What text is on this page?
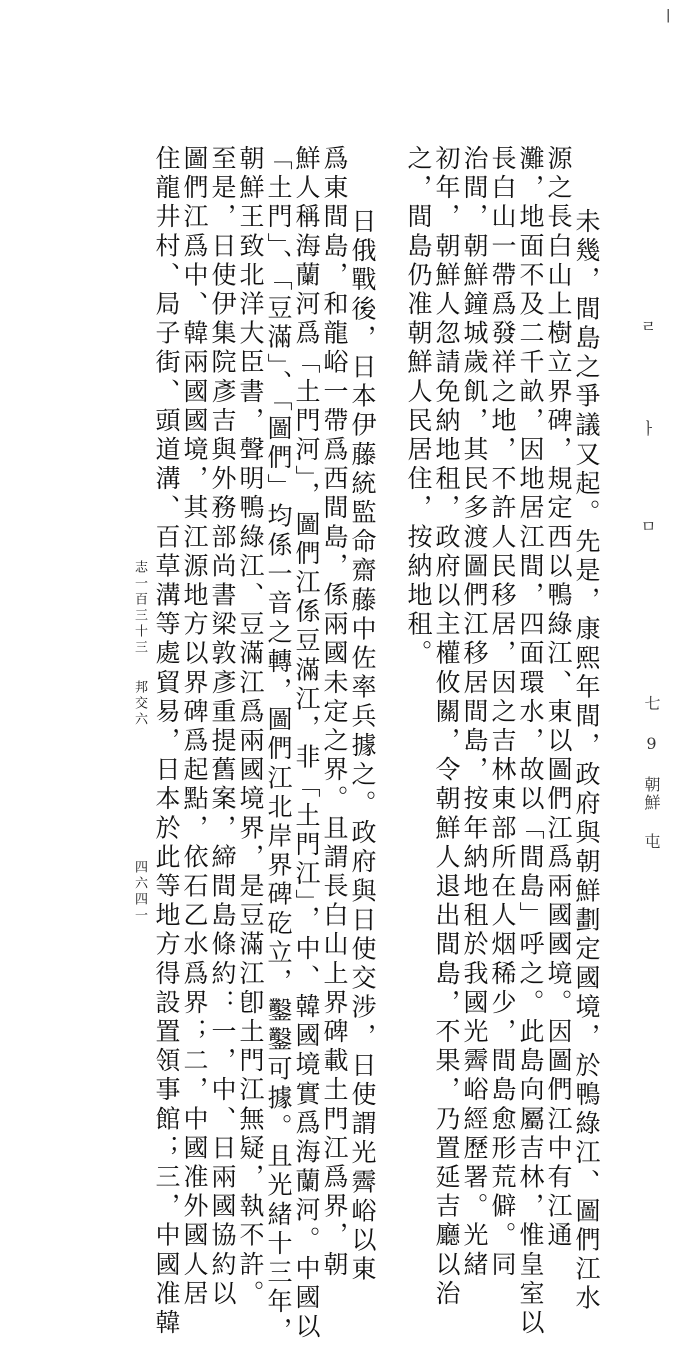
未幾，間島之爭議又起。先是，康熙年間，政府與朝鮮劃定國境，於鴨綠江、圖們江水
源之長白山上樹立界碑，規定西以鴨綠江、東以圖們江爲兩國國境。因圖們江中有江通
灘，地面不及二千畝，因地居江間，四面環水，故以「間島」呼之。此島向屬吉林，惟皇室以
長白山一帶爲發祥之地，不許人民移居，因之吉林東部所在人烟稀少，間島愈形荒僻。同
治間，朝鮮鐘城歲飢，其民多渡圖們江移居間島，按年納地租於我國光霽峪經歷署。光緒
初年，朝鮮人忽請免納地租，政府以主權攸關，令朝鮮人退出間島，不果，乃置延吉廳以治
之，間島仍准朝鮮人民居住，按納地租。
日俄戰後，日本伊藤統監命齋藤中佐率兵據之。政府與日使交涉，日使謂光霽峪以東
爲東間島，和龍峪一帶爲西間島，係兩國未定之界。且謂長白山上界碑載土門江爲界，朝
鮮人稱海蘭河爲「土門河」，圖們江係豆滿江，非「土門江」，中、韓國境實爲海蘭河。中國以
「土門」、「豆滿」、「圖們」均係一音之轉，圖們江北岸界碑矻立，鑿鑿可據。且光緒十三年，
朝鮮王致北洋大臣書，聲明鴨綠江、豆滿江爲兩國境界，是豆滿江卽土門江無疑，執不許。
至是，日使伊集院彥吉與外務部尚書梁敦彥重提舊案，締間島條約：一，中、日兩國協約以
圖們江爲中、韓兩國國境，其江源地方以界碑爲起點，依石乙水爲界；二，中國准外國人居
住龍井村、局子街、頭道溝、百草溝等處貿易，日本於此等地方得設置領事館；三，中國准韓
志一百三十三
邦交六
四六四一
ㄹ
ㅏ
ㅁ
七 9 朝鮮 屯
|
